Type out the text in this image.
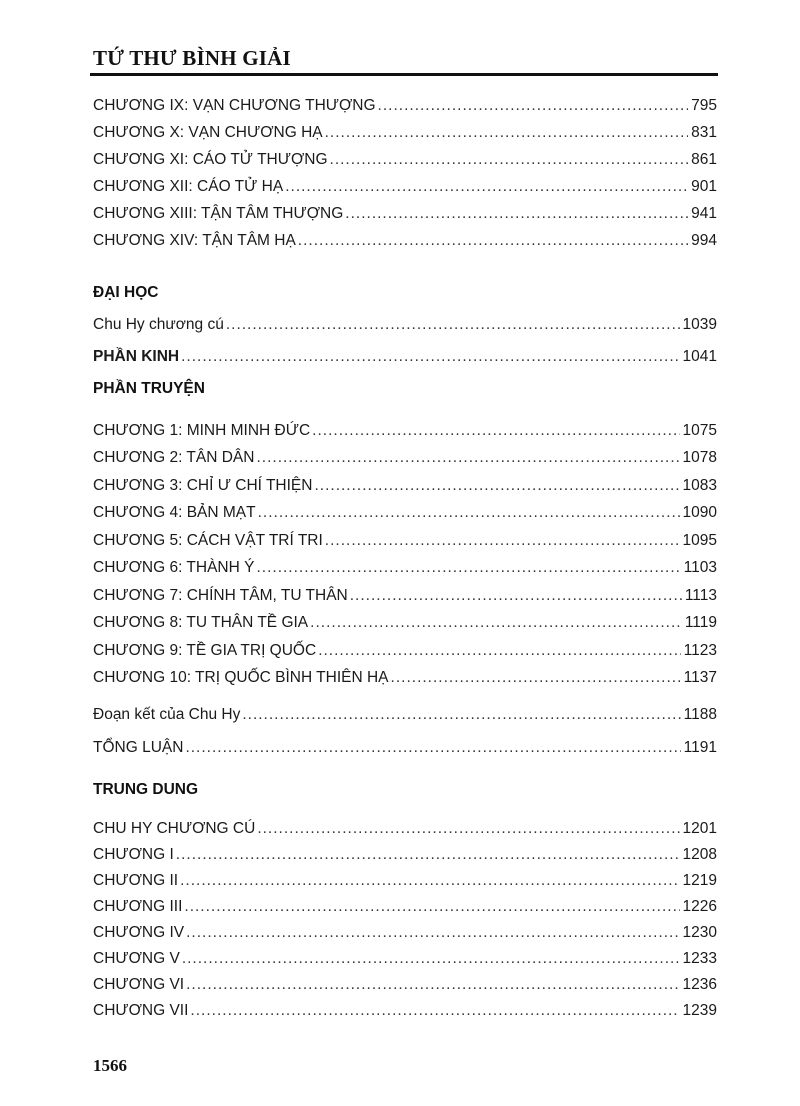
TỨ THƯ BÌNH GIẢI
CHƯƠNG IX: VẠN CHƯƠNG THƯỢNG .....	795
CHƯƠNG X: VẠN CHƯƠNG HẠ .....	831
CHƯƠNG XI: CÁO TỬ THƯỢNG .....	861
CHƯƠNG XII: CÁO TỬ HẠ .....	901
CHƯƠNG XIII: TẬN TÂM THƯỢNG .....	941
CHƯƠNG XIV: TẬN TÂM HẠ .....	994
ĐẠI HỌC
Chu Hy chương cú .....	1039
PHẦN KINH .....	1041
PHẦN TRUYỆN
CHƯƠNG 1: MINH MINH ĐỨC .....	1075
CHƯƠNG 2: TÂN DÂN .....	1078
CHƯƠNG 3: CHỈ Ư CHÍ THIỆN .....	1083
CHƯƠNG 4: BẢN MẠT .....	1090
CHƯƠNG 5: CÁCH VẬT TRÍ TRI .....	1095
CHƯƠNG 6: THÀNH Ý .....	1103
CHƯƠNG 7: CHÍNH TÂM, TU THÂN .....	1113
CHƯƠNG 8: TU THÂN TỀ GIA .....	1119
CHƯƠNG 9: TỀ GIA TRỊ QUỐC .....	1123
CHƯƠNG 10: TRỊ QUỐC BÌNH THIÊN HẠ .....	1137
Đoạn kết của Chu Hy .....	1188
TỔNG LUẬN .....	1191
TRUNG DUNG
CHU HY CHƯƠNG CÚ .....	1201
CHƯƠNG I .....	1208
CHƯƠNG II .....	1219
CHƯƠNG III .....	1226
CHƯƠNG IV .....	1230
CHƯƠNG V .....	1233
CHƯƠNG VI .....	1236
CHƯƠNG VII .....	1239
1566
